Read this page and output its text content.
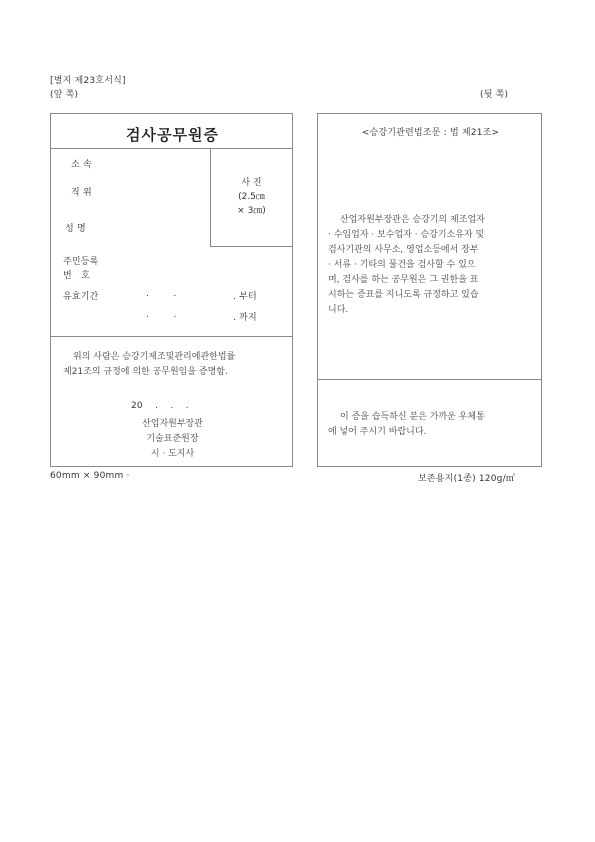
[별지 제23호서식]
(앞 쪽)	(뒷 쪽)
검사공무원증
사 진
(2.5㎝
× 3㎝)
소 속
직 위
성 명
주민등록
번   호
유효기간	.        .	. 부터
.        .	. 까지
위의 사람은 승강기제조및관리에관한법률
제21조의 규정에 의한 공무원임을 증명함.
20    .    .    .
산업자원부장관
기술표준원장
시 · 도지사
<승강기관련법조문 : 법 제21조>
산업자원부장관은 승강기의 제조업자
· 수입업자 · 보수업자 · 승강기소유자 및
검사기관의 사무소, 영업소등에서 장부
· 서류 · 기타의 물건을 검사할 수 있으
며, 검사를 하는 공무원은 그 권한을 표
시하는 증표를 지니도록 규정하고 있습
니다.
이 증을 습득하신 분은 가까운 우체통
에 넣어 주시기 바랍니다.
60mm × 90mm ·	보존용지(1종) 120g/㎡
